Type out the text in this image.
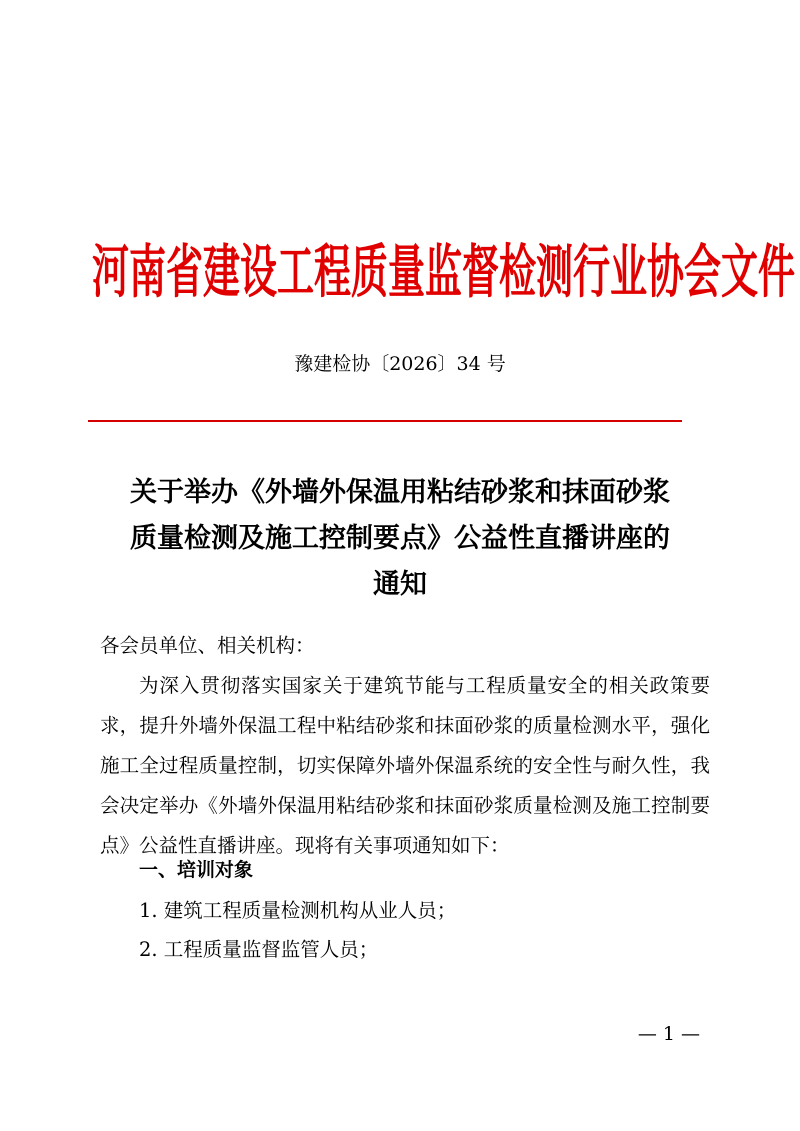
河南省建设工程质量监督检测行业协会文件
豫建检协〔2026〕34 号
关于举办《外墙外保温用粘结砂浆和抹面砂浆
质量检测及施工控制要点》公益性直播讲座的
通知
各会员单位、相关机构：
为深入贯彻落实国家关于建筑节能与工程质量安全的相关政策要求，提升外墙外保温工程中粘结砂浆和抹面砂浆的质量检测水平，强化施工全过程质量控制，切实保障外墙外保温系统的安全性与耐久性，我会决定举办《外墙外保温用粘结砂浆和抹面砂浆质量检测及施工控制要点》公益性直播讲座。现将有关事项通知如下：
一、培训对象
1. 建筑工程质量检测机构从业人员；
2. 工程质量监督监管人员；
— 1 —
